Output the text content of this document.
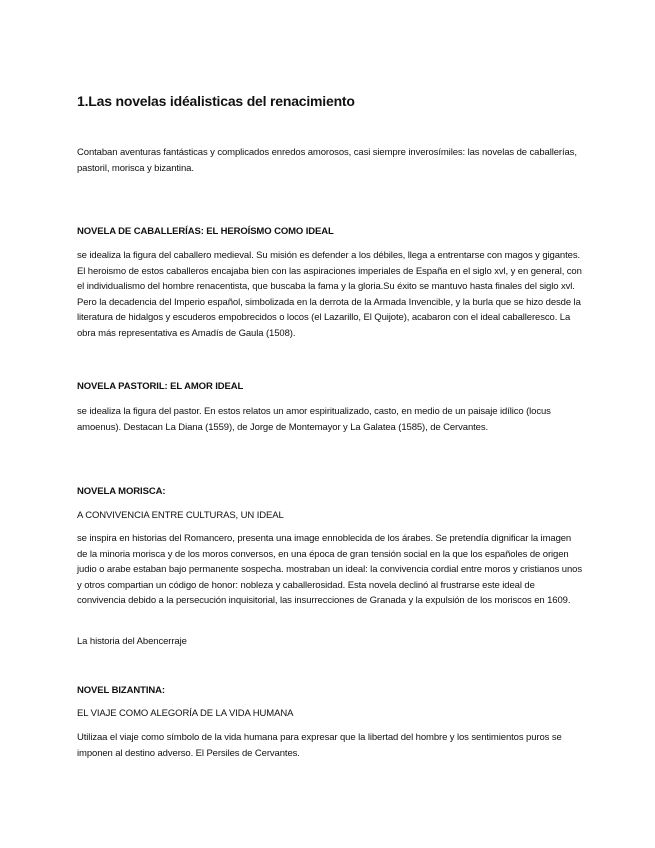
1.Las novelas idéalisticas del renacimiento

Contaban aventuras fantásticas y complicados enredos amorosos, casi siempre inverosímiles: las novelas de caballerías, pastoril, morisca y bizantina.

NOVELA DE CABALLERÍAS: EL HEROÍSMO COMO IDEAL

se idealiza la figura del caballero medieval. Su misión es defender a los débiles, llega a entrentarse con magos y gigantes. El heroismo de estos caballeros encajaba bien con las aspiraciones imperiales de España en el siglo xvl, y en general, con el individualismo del hombre renacentista, que buscaba la fama y la gloria.Su éxito se mantuvo hasta finales del siglo xvl. Pero la decadencia del Imperio español, simbolizada en la derrota de la Armada Invencible, y la burla que se hizo desde la literatura de hidalgos y escuderos empobrecidos o locos (el Lazarillo, El Quijote), acabaron con el ideal caballeresco. La obra más representativa es Amadís de Gaula (1508).

NOVELA PASTORIL: EL AMOR IDEAL

se idealiza la figura del pastor. En estos relatos un amor espiritualizado, casto, en medio de un paisaje idílico (locus amoenus). Destacan La Diana (1559), de Jorge de Montemayor y La Galatea (1585), de Cervantes.

NOVELA MORISCA:

A CONVIVENCIA ENTRE CULTURAS, UN IDEAL

se inspira en historias del Romancero, presenta una image ennoblecida de los árabes. Se pretendía dignificar la imagen de la minoria morisca y de los moros conversos, en una época de gran tensión social en la que los españoles de origen judio o arabe estaban bajo permanente sospecha. mostraban un ideal: la convivencia cordial entre moros y cristianos unos y otros compartian un código de honor: nobleza y caballerosidad. Esta novela declinó al frustrarse este ideal de convivencia debido a la persecución inquisitorial, las insurrecciones de Granada y la expulsión de los moriscos en 1609.

La historia del Abencerraje

NOVEL BIZANTINA:

EL VIAJE COMO ALEGORÍA DE LA VIDA HUMANA

Utilizaa el viaje como símbolo de la vida humana para expresar que la libertad del hombre y los sentimientos puros se imponen al destino adverso. El Persiles de Cervantes.
